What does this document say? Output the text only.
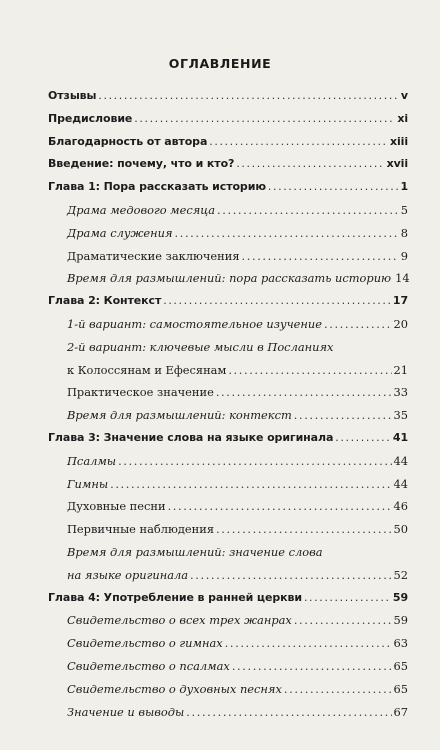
ОГЛАВЛЕНИЕ
Отзывы .....	v
Предисловие .....	xi
Благодарность от автора .....	xiii
Введение: почему, что и кто? .....	xvii
Глава 1: Пора рассказать историю .....	1
Драма медового месяца .....	5
Драма служения .....	8
Драматические заключения .....	9
Время для размышлений: пора рассказать историю 14
Глава 2: Контекст .....	17
1-й вариант: самостоятельное изучение .....	20
2-й вариант: ключевые мысли в Посланиях
к Колоссянам и Ефесянам .....	21
Практическое значение .....	33
Время для размышлений: контекст .....	35
Глава 3: Значение слова на языке оригинала .....	41
Псалмы .....	44
Гимны .....	44
Духовные песни .....	46
Первичные наблюдения .....	50
Время для размышлений: значение слова
на языке оригинала .....	52
Глава 4: Употребление в ранней церкви .....	59
Свидетельство о всех трех жанрах .....	59
Свидетельство о гимнах .....	63
Свидетельство о псалмах .....	65
Свидетельство о духовных песнях .....	65
Значение и выводы .....	67
